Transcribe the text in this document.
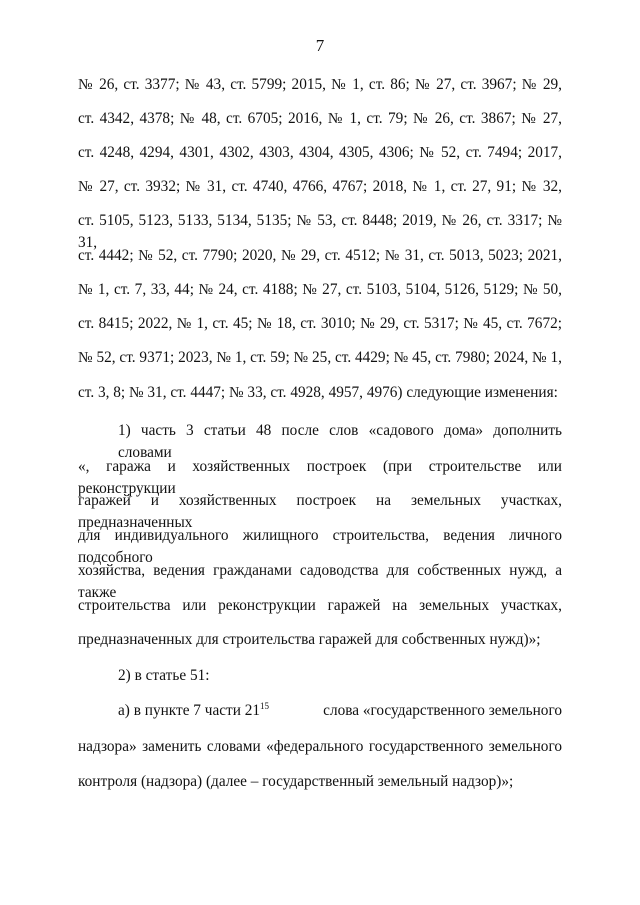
7
№ 26, ст. 3377; № 43, ст. 5799; 2015, № 1, ст. 86; № 27, ст. 3967; № 29,
ст. 4342, 4378; № 48, ст. 6705; 2016, № 1, ст. 79; № 26, ст. 3867; № 27,
ст. 4248, 4294, 4301, 4302, 4303, 4304, 4305, 4306; № 52, ст. 7494; 2017,
№ 27, ст. 3932; № 31, ст. 4740, 4766, 4767; 2018, № 1, ст. 27, 91; № 32,
ст. 5105, 5123, 5133, 5134, 5135; № 53, ст. 8448; 2019, № 26, ст. 3317; № 31,
ст. 4442; № 52, ст. 7790; 2020, № 29, ст. 4512; № 31, ст. 5013, 5023; 2021,
№ 1, ст. 7, 33, 44; № 24, ст. 4188; № 27, ст. 5103, 5104, 5126, 5129; № 50,
ст. 8415; 2022, № 1, ст. 45; № 18, ст. 3010; № 29, ст. 5317; № 45, ст. 7672;
№ 52, ст. 9371; 2023, № 1, ст. 59; № 25, ст. 4429; № 45, ст. 7980; 2024, № 1,
ст. 3, 8; № 31, ст. 4447; № 33, ст. 4928, 4957, 4976) следующие изменения:
1) часть 3 статьи 48 после слов «садового дома» дополнить словами
«, гаража и хозяйственных построек (при строительстве или реконструкции
гаражей и хозяйственных построек на земельных участках, предназначенных
для индивидуального жилищного строительства, ведения личного подсобного
хозяйства, ведения гражданами садоводства для собственных нужд, а также
строительства или реконструкции гаражей на земельных участках,
предназначенных для строительства гаражей для собственных нужд)»;
2) в статье 51:
а) в пункте 7 части $21^{15}$	слова «государственного земельного
надзора» заменить словами «федерального государственного земельного
контроля (надзора) (далее – государственный земельный надзор)»;
